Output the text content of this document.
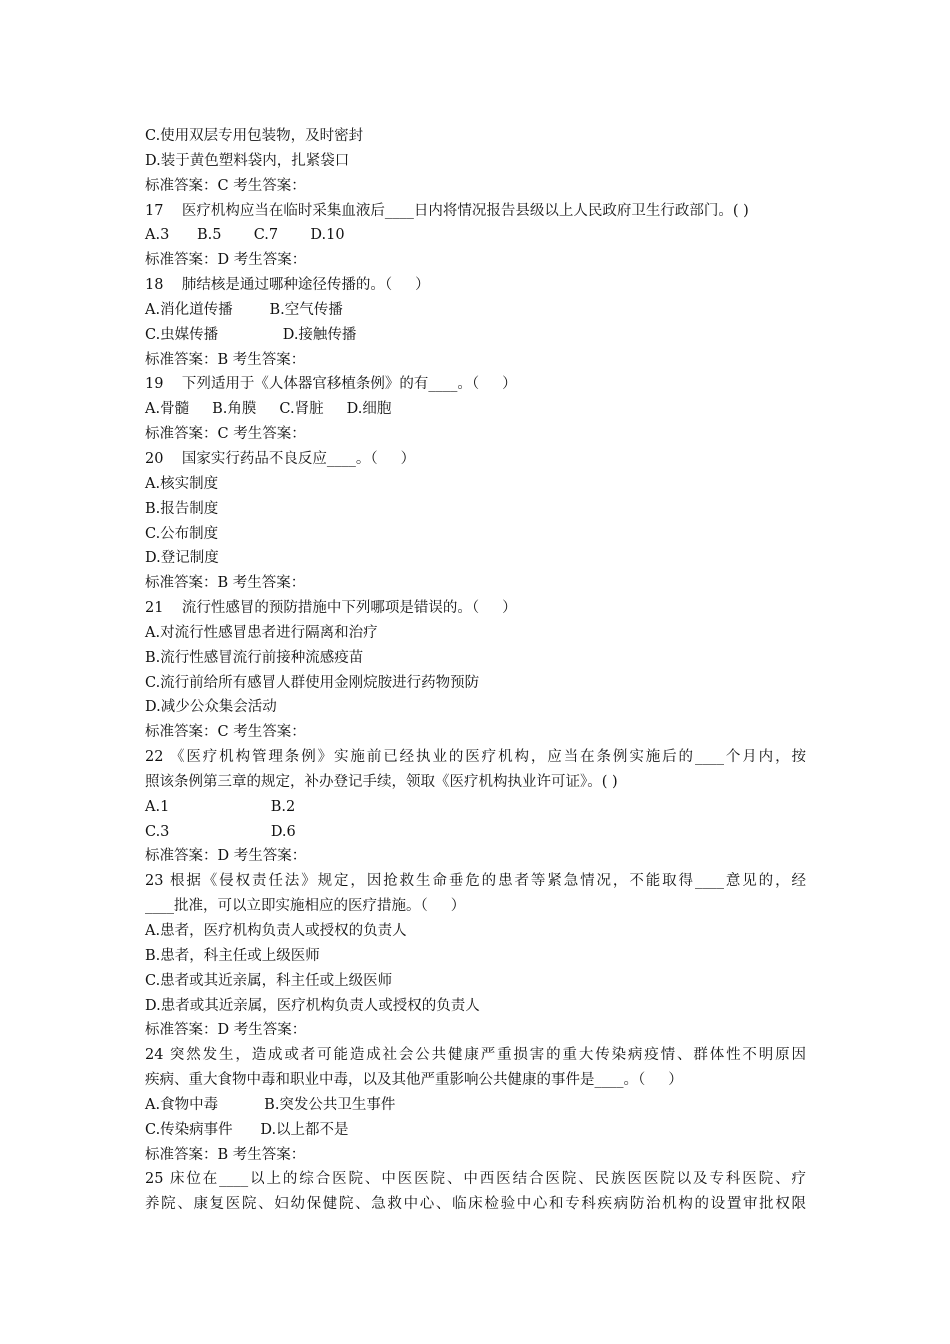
C.使用双层专用包装物，及时密封
D.装于黄色塑料袋内，扎紧袋口
标准答案：C 考生答案：
17    医疗机构应当在临时采集血液后____日内将情况报告县级以上人民政府卫生行政部门。( )
A.3      B.5       C.7       D.10
标准答案：D 考生答案：
18    肺结核是通过哪种途径传播的。（     ）
A.消化道传播        B.空气传播
C.虫媒传播              D.接触传播
标准答案：B 考生答案：
19    下列适用于《人体器官移植条例》的有____。（     ）
A.骨髓     B.角膜     C.肾脏     D.细胞
标准答案：C 考生答案：
20    国家实行药品不良反应____。（     ）
A.核实制度
B.报告制度
C.公布制度
D.登记制度
标准答案：B 考生答案：
21    流行性感冒的预防措施中下列哪项是错误的。（     ）
A.对流行性感冒患者进行隔离和治疗
B.流行性感冒流行前接种流感疫苗
C.流行前给所有感冒人群使用金刚烷胺进行药物预防
D.减少公众集会活动
标准答案：C 考生答案：
22 《医疗机构管理条例》实施前已经执业的医疗机构，应当在条例实施后的____个月内，按
照该条例第三章的规定，补办登记手续，领取《医疗机构执业许可证》。( )
A.1                      B.2
C.3                      D.6
标准答案：D 考生答案：
23 根据《侵权责任法》规定，因抢救生命垂危的患者等紧急情况，不能取得____意见的，经
____批准，可以立即实施相应的医疗措施。（     ）
A.患者，医疗机构负责人或授权的负责人
B.患者，科主任或上级医师
C.患者或其近亲属，科主任或上级医师
D.患者或其近亲属，医疗机构负责人或授权的负责人
标准答案：D 考生答案：
24 突然发生，造成或者可能造成社会公共健康严重损害的重大传染病疫情、群体性不明原因
疾病、重大食物中毒和职业中毒，以及其他严重影响公共健康的事件是____。（     ）
A.食物中毒          B.突发公共卫生事件
C.传染病事件      D.以上都不是
标准答案：B 考生答案：
25 床位在____以上的综合医院、中医医院、中西医结合医院、民族医医院以及专科医院、疗
养院、康复医院、妇幼保健院、急救中心、临床检验中心和专科疾病防治机构的设置审批权限
